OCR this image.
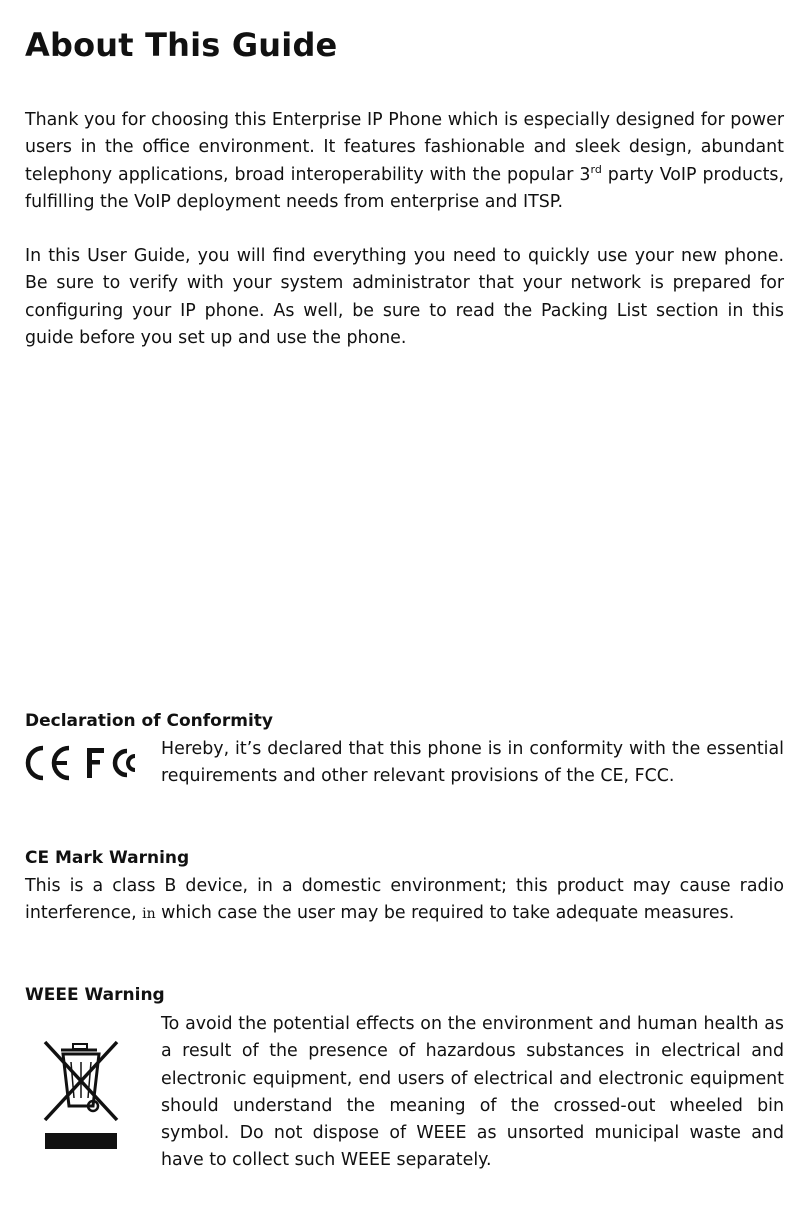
About This Guide

Thank you for choosing this Enterprise IP Phone which is especially designed for power users in the office environment. It features fashionable and sleek design, abundant telephony applications, broad interoperability with the popular 3rd party VoIP products, fulfilling the VoIP deployment needs from enterprise and ITSP.

In this User Guide, you will find everything you need to quickly use your new phone. Be sure to verify with your system administrator that your network is prepared for configuring your IP phone. As well, be sure to read the Packing List section in this guide before you set up and use the phone.

Declaration of Conformity

Hereby, it’s declared that this phone is in conformity with the essential requirements and other relevant provisions of the CE, FCC.

CE Mark Warning

This is a class B device, in a domestic environment; this product may cause radio interference, in which case the user may be required to take adequate measures.

WEEE Warning

To avoid the potential effects on the environment and human health as a result of the presence of hazardous substances in electrical and electronic equipment, end users of electrical and electronic equipment should understand the meaning of the crossed-out wheeled bin symbol. Do not dispose of WEEE as unsorted municipal waste and have to collect such WEEE separately.
